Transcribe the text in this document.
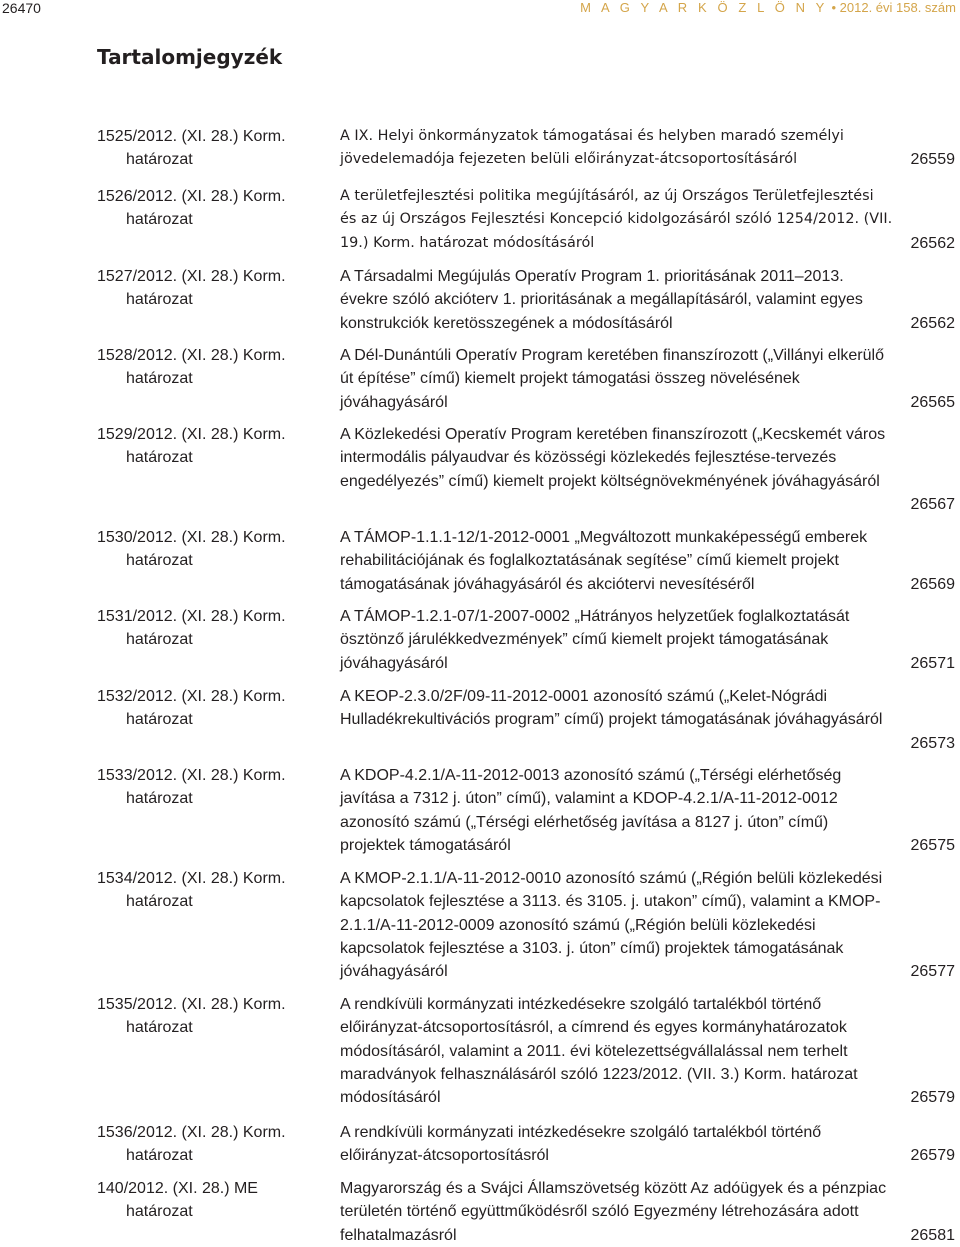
26470	M A G Y A R K Ö Z L Ö N Y • 2012. évi 158. szám
Tartalomjegyzék
1525/2012. (XI. 28.) Korm.
határozat
A IX. Helyi önkormányzatok támogatásai és helyben maradó személyi jövedelemadója fejezeten belüli előirányzat-átcsoportosításáról	26559
1526/2012. (XI. 28.) Korm.
határozat
A területfejlesztési politika megújításáról, az új Országos Területfejlesztési és az új Országos Fejlesztési Koncepció kidolgozásáról szóló 1254/2012. (VII. 19.) Korm. határozat módosításáról	26562
1527/2012. (XI. 28.) Korm.
határozat
A Társadalmi Megújulás Operatív Program 1. prioritásának 2011–2013. évekre szóló akcióterv 1. prioritásának a megállapításáról, valamint egyes konstrukciók keretösszegének a módosításáról	26562
1528/2012. (XI. 28.) Korm.
határozat
A Dél-Dunántúli Operatív Program keretében finanszírozott („Villányi elkerülő út építése” című) kiemelt projekt támogatási összeg növelésének jóváhagyásáról	26565
1529/2012. (XI. 28.) Korm.
határozat
A Közlekedési Operatív Program keretében finanszírozott („Kecskemét város intermodális pályaudvar és közösségi közlekedés fejlesztése-tervezés engedélyezés” című) kiemelt projekt költségnövekményének jóváhagyásáról
26567
1530/2012. (XI. 28.) Korm.
határozat
A TÁMOP-1.1.1-12/1-2012-0001 „Megváltozott munkaképességű emberek rehabilitációjának és foglalkoztatásának segítése” című kiemelt projekt támogatásának jóváhagyásáról és akciótervi nevesítéséről	26569
1531/2012. (XI. 28.) Korm.
határozat
A TÁMOP-1.2.1-07/1-2007-0002 „Hátrányos helyzetűek foglalkoztatását ösztönző járulékkedvezmények” című kiemelt projekt támogatásának jóváhagyásáról	26571
1532/2012. (XI. 28.) Korm.
határozat
A KEOP-2.3.0/2F/09-11-2012-0001 azonosító számú („Kelet-Nógrádi Hulladékrekultivációs program” című) projekt támogatásának jóváhagyásáról
26573
1533/2012. (XI. 28.) Korm.
határozat
A KDOP-4.2.1/A-11-2012-0013 azonosító számú („Térségi elérhetőség javítása a 7312 j. úton” című), valamint a KDOP-4.2.1/A-11-2012-0012 azonosító számú („Térségi elérhetőség javítása a 8127 j. úton” című) projektek támogatásáról	26575
1534/2012. (XI. 28.) Korm.
határozat
A KMOP-2.1.1/A-11-2012-0010 azonosító számú („Régión belüli közlekedési kapcsolatok fejlesztése a 3113. és 3105. j. utakon” című), valamint a KMOP-2.1.1/A-11-2012-0009 azonosító számú („Régión belüli közlekedési kapcsolatok fejlesztése a 3103. j. úton” című) projektek támogatásának jóváhagyásáról	26577
1535/2012. (XI. 28.) Korm.
határozat
A rendkívüli kormányzati intézkedésekre szolgáló tartalékból történő előirányzat-átcsoportosításról, a címrend és egyes kormányhatározatok módosításáról, valamint a 2011. évi kötelezettségvállalással nem terhelt maradványok felhasználásáról szóló 1223/2012. (VII. 3.) Korm. határozat módosításáról	26579
1536/2012. (XI. 28.) Korm.
határozat
A rendkívüli kormányzati intézkedésekre szolgáló tartalékból történő előirányzat-átcsoportosításról	26579
140/2012. (XI. 28.) ME
határozat
Magyarország és a Svájci Államszövetség között Az adóügyek és a pénzpiac területén történő együttműködésről szóló Egyezmény létrehozására adott felhatalmazásról	26581
